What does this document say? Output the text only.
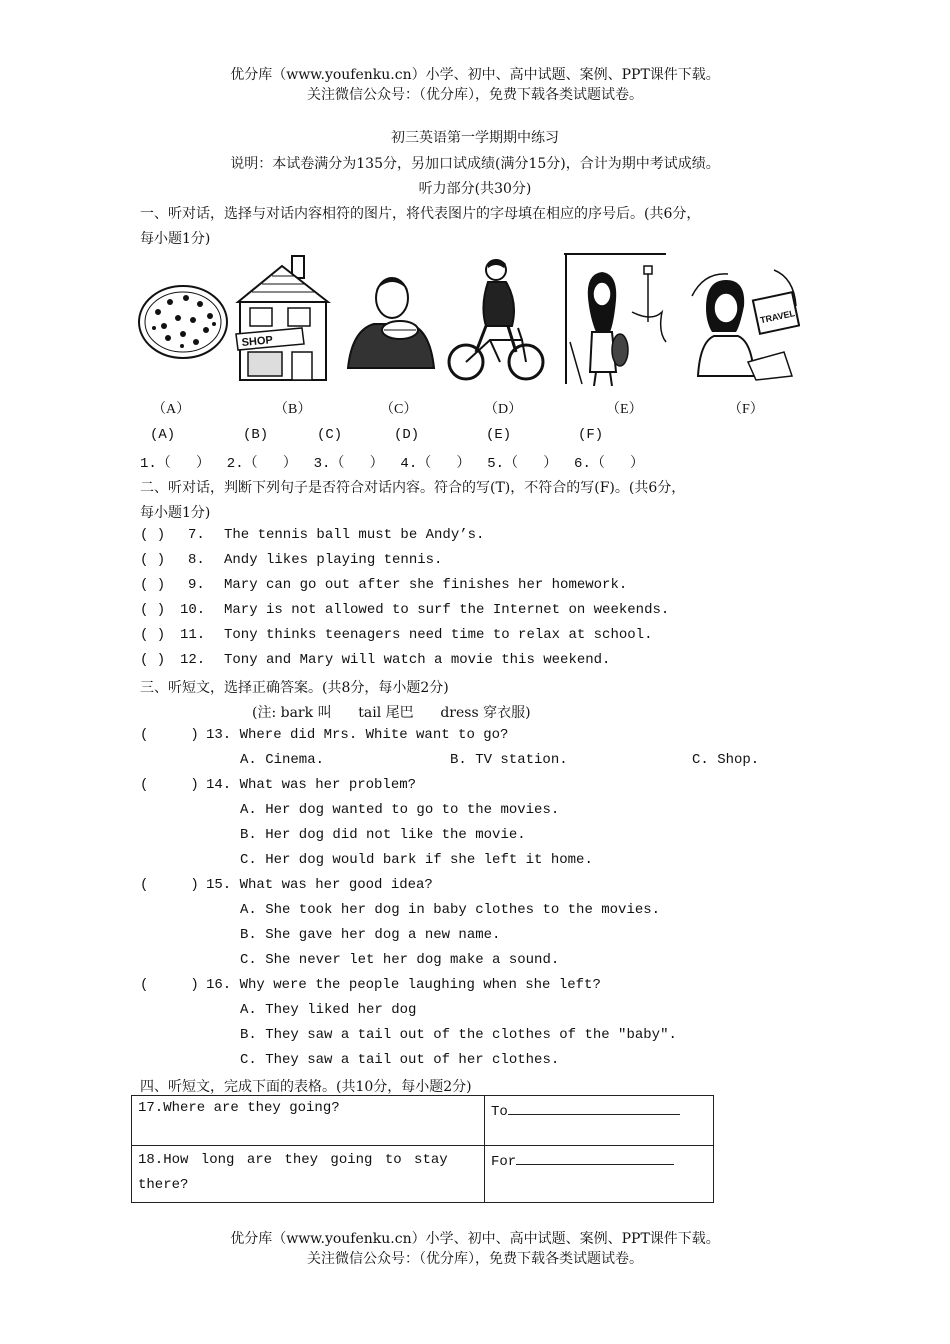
优分库（www.youfenku.cn）小学、初中、高中试题、案例、PPT课件下载。
关注微信公众号：（优分库），免费下载各类试题试卷。
初三英语第一学期期中练习
说明：本试卷满分为135分，另加口试成绩(满分15分)，合计为期中考试成绩。
听力部分(共30分)
一、听对话，选择与对话内容相符的图片，将代表图片的字母填在相应的序号后。(共6分，
每小题1分)
SHOP
TRAVEL
（A）	（B）	（C）	（D）	（E）	（F）
(A)	(B)	(C)	(D)	(E)	(F)
1.（   ）  2.（   ）  3.（   ）  4.（   ）  5.（   ）  6.（   ）
二、听对话，判断下列句子是否符合对话内容。符合的写(T)，不符合的写(F)。(共6分，
每小题1分)
( ) 7. The tennis ball must be Andy’s.
( ) 8. Andy likes playing tennis.
( ) 9. Mary can go out after she finishes her homework.
( ) 10. Mary is not allowed to surf the Internet on weekends.
( ) 11. Tony thinks teenagers need time to relax at school.
( ) 12. Tony and Mary will watch a movie this weekend.
三、听短文，选择正确答案。(共8分，每小题2分)
(注: bark 叫      tail 尾巴      dress 穿衣服)
(     ) 13. Where did Mrs. White want to go?
A. Cinema.	B. TV station.	C. Shop.
(     ) 14. What was her problem?
A. Her dog wanted to go to the movies.
B. Her dog did not like the movie.
C. Her dog would bark if she left it home.
(     ) 15. What was her good idea?
A. She took her dog in baby clothes to the movies.
B. She gave her dog a new name.
C. She never let her dog make a sound.
(     ) 16. Why were the people laughing when she left?
A. They liked her dog
B. They saw a tail out of the clothes of the "baby".
C. They saw a tail out of her clothes.
四、听短文，完成下面的表格。(共10分，每小题2分)
17.Where are they going?	To
18.How long are they going to stay there?	For
优分库（www.youfenku.cn）小学、初中、高中试题、案例、PPT课件下载。
关注微信公众号：（优分库），免费下载各类试题试卷。
